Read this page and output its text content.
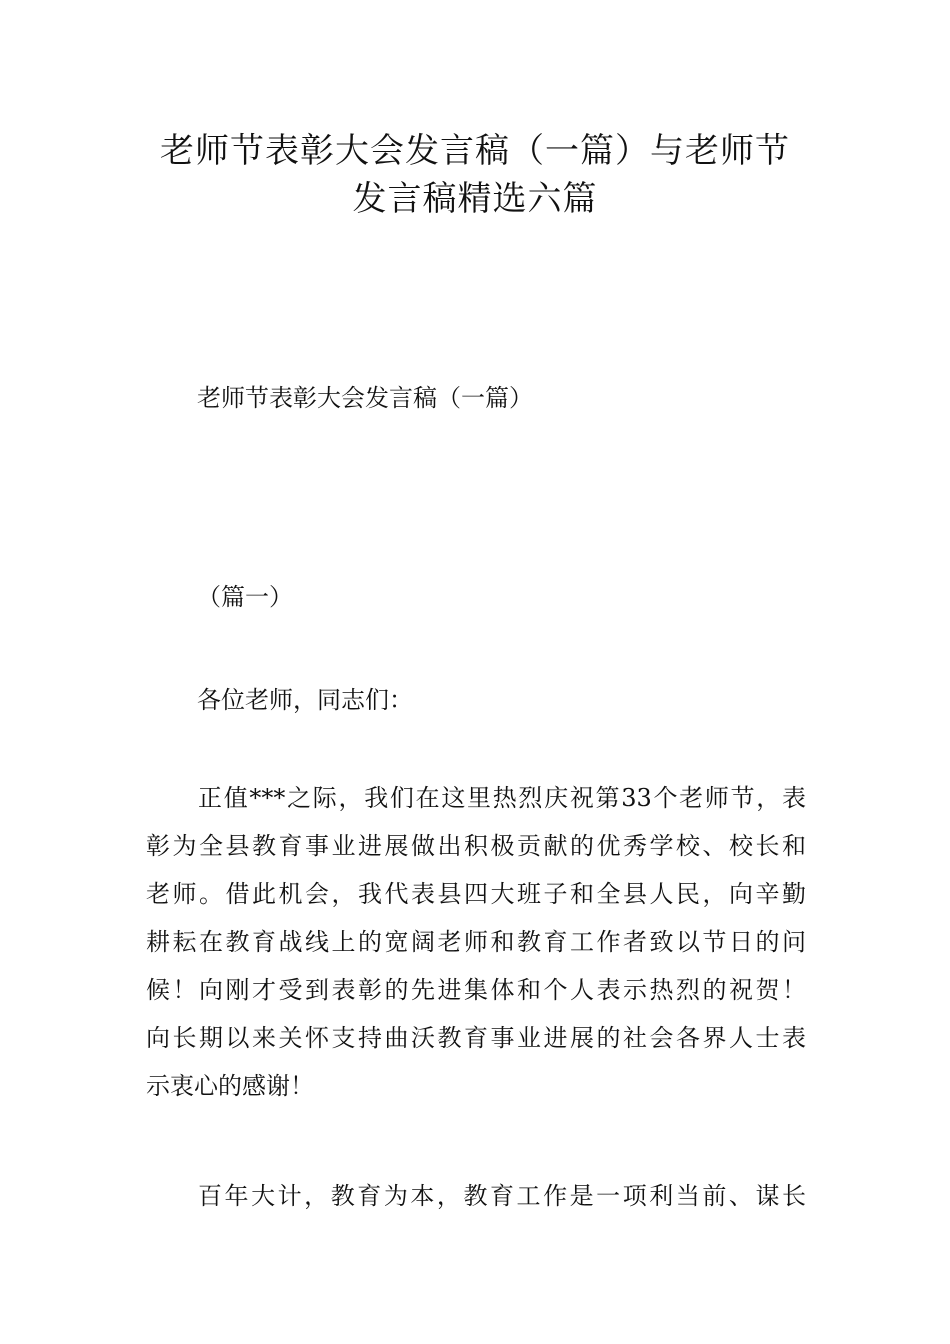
老师节表彰大会发言稿（一篇）与老师节
发言稿精选六篇
老师节表彰大会发言稿（一篇）
（篇一）
各位老师，同志们：
正值***之际，我们在这里热烈庆祝第33个老师节，表
彰为全县教育事业进展做出积极贡献的优秀学校、校长和
老师。借此机会，我代表县四大班子和全县人民，向辛勤
耕耘在教育战线上的宽阔老师和教育工作者致以节日的问
候！向刚才受到表彰的先进集体和个人表示热烈的祝贺！
向长期以来关怀支持曲沃教育事业进展的社会各界人士表
示衷心的感谢！
百年大计，教育为本，教育工作是一项利当前、谋长
